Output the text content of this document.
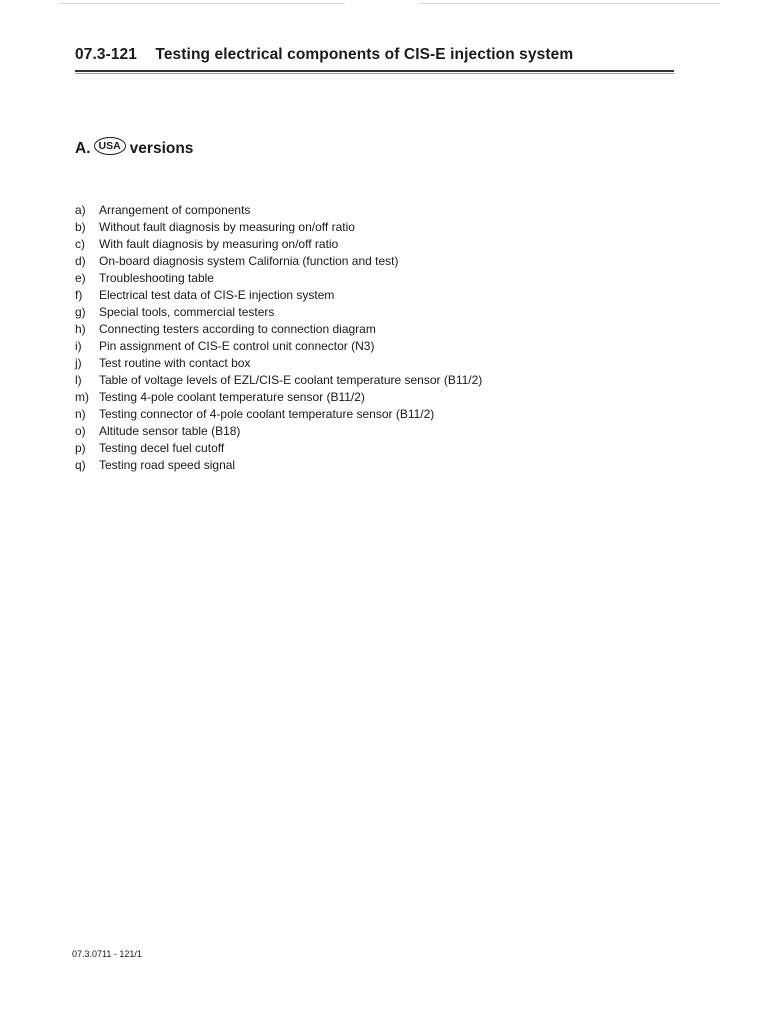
07.3-121 Testing electrical components of CIS-E injection system
A. USA versions
a)	Arrangement of components
b)	Without fault diagnosis by measuring on/off ratio
c)	With fault diagnosis by measuring on/off ratio
d)	On-board diagnosis system California (function and test)
e)	Troubleshooting table
f)	Electrical test data of CIS-E injection system
g)	Special tools, commercial testers
h)	Connecting testers according to connection diagram
i)	Pin assignment of CIS-E control unit connector (N3)
j)	Test routine with contact box
l)	Table of voltage levels of EZL/CIS-E coolant temperature sensor (B11/2)
m) Testing 4-pole coolant temperature sensor (B11/2)
n)	Testing connector of 4-pole coolant temperature sensor (B11/2)
o)	Altitude sensor table (B18)
p)	Testing decel fuel cutoff
q)	Testing road speed signal
07.3.0711 - 121/1
